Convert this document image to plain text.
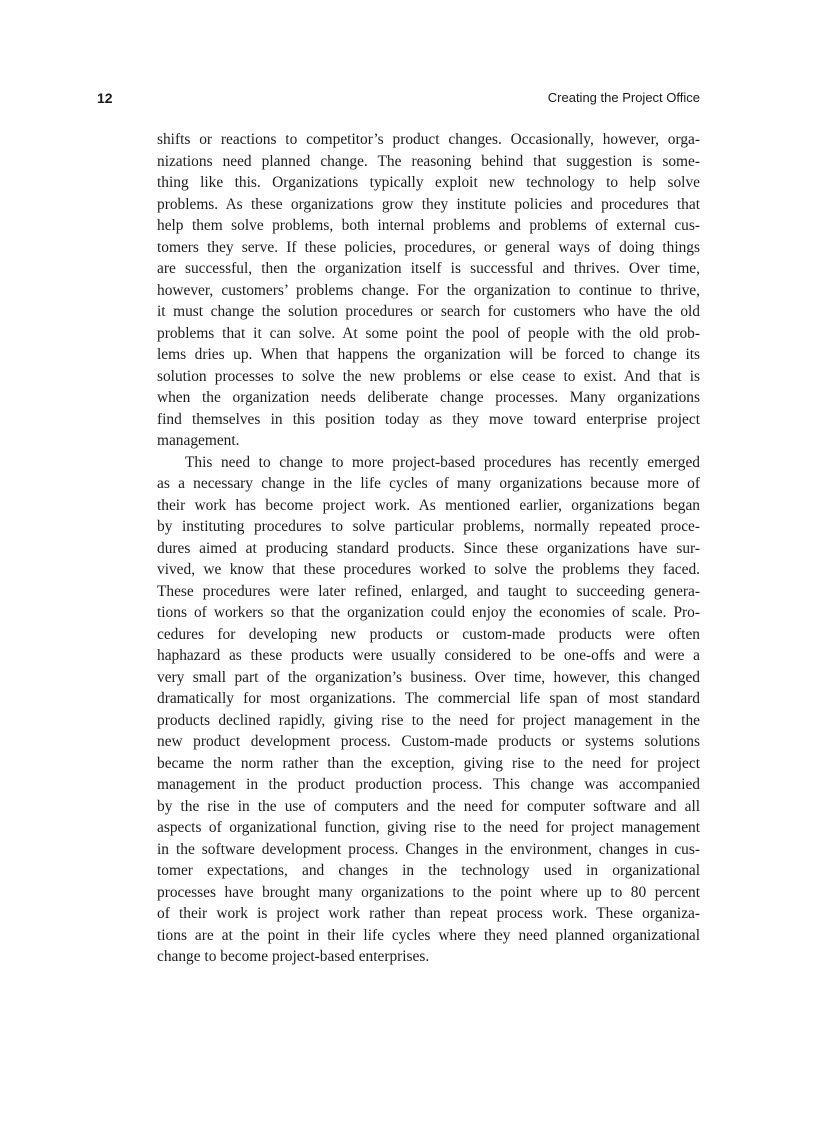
12	Creating the Project Office

shifts or reactions to competitor’s product changes. Occasionally, however, orga-
nizations need planned change. The reasoning behind that suggestion is some-
thing like this. Organizations typically exploit new technology to help solve
problems. As these organizations grow they institute policies and procedures that
help them solve problems, both internal problems and problems of external cus-
tomers they serve. If these policies, procedures, or general ways of doing things
are successful, then the organization itself is successful and thrives. Over time,
however, customers’ problems change. For the organization to continue to thrive,
it must change the solution procedures or search for customers who have the old
problems that it can solve. At some point the pool of people with the old prob-
lems dries up. When that happens the organization will be forced to change its
solution processes to solve the new problems or else cease to exist. And that is
when the organization needs deliberate change processes. Many organizations
find themselves in this position today as they move toward enterprise project
management.

This need to change to more project-based procedures has recently emerged
as a necessary change in the life cycles of many organizations because more of
their work has become project work. As mentioned earlier, organizations began
by instituting procedures to solve particular problems, normally repeated proce-
dures aimed at producing standard products. Since these organizations have sur-
vived, we know that these procedures worked to solve the problems they faced.
These procedures were later refined, enlarged, and taught to succeeding genera-
tions of workers so that the organization could enjoy the economies of scale. Pro-
cedures for developing new products or custom-made products were often
haphazard as these products were usually considered to be one-offs and were a
very small part of the organization’s business. Over time, however, this changed
dramatically for most organizations. The commercial life span of most standard
products declined rapidly, giving rise to the need for project management in the
new product development process. Custom-made products or systems solutions
became the norm rather than the exception, giving rise to the need for project
management in the product production process. This change was accompanied
by the rise in the use of computers and the need for computer software and all
aspects of organizational function, giving rise to the need for project management
in the software development process. Changes in the environment, changes in cus-
tomer expectations, and changes in the technology used in organizational
processes have brought many organizations to the point where up to 80 percent
of their work is project work rather than repeat process work. These organiza-
tions are at the point in their life cycles where they need planned organizational
change to become project-based enterprises.
